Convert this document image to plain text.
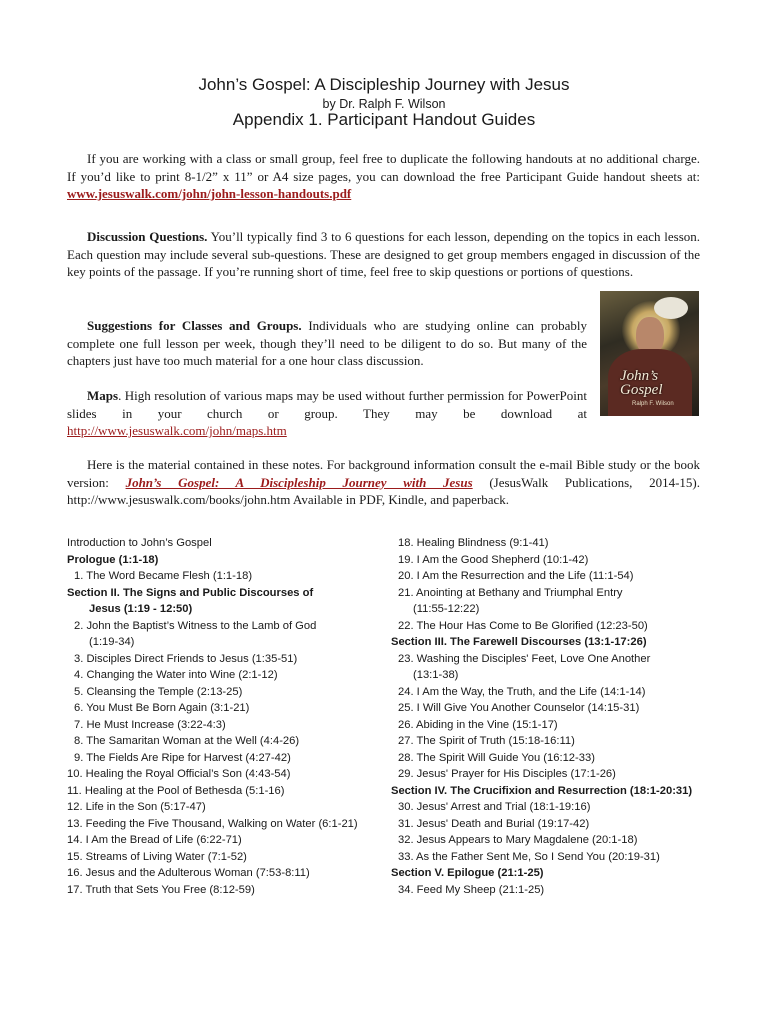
John’s Gospel: A Discipleship Journey with Jesus
by Dr. Ralph F. Wilson
Appendix 1. Participant Handout Guides
If you are working with a class or small group, feel free to duplicate the following handouts at no additional charge. If you’d like to print 8-1/2” x 11” or A4 size pages, you can download the free Participant Guide handout sheets at: www.jesuswalk.com/john/john-lesson-handouts.pdf
Discussion Questions. You’ll typically find 3 to 6 questions for each lesson, depending on the topics in each lesson. Each question may include several sub-questions. These are designed to get group members engaged in discussion of the key points of the passage. If you’re running short of time, feel free to skip questions or portions of questions.
Suggestions for Classes and Groups. Individuals who are studying online can probably complete one full lesson per week, though they’ll need to be diligent to do so. But many of the chapters just have too much material for a one hour class discussion.
Maps. High resolution of various maps may be used without further permission for PowerPoint slides in your church or group. They may be download at http://www.jesuswalk.com/john/maps.htm
John’s Gospel
Ralph F. Wilson
Here is the material contained in these notes. For background information consult the e-mail Bible study or the book version: John’s Gospel: A Discipleship Journey with Jesus (JesusWalk Publications, 2014-15). http://www.jesuswalk.com/books/john.htm Available in PDF, Kindle, and paperback.
Introduction to John’s Gospel
Prologue (1:1-18)
1. The Word Became Flesh (1:1-18)
Section II. The Signs and Public Discourses of
Jesus (1:19 - 12:50)
2. John the Baptist’s Witness to the Lamb of God
(1:19-34)
3. Disciples Direct Friends to Jesus (1:35-51)
4. Changing the Water into Wine (2:1-12)
5. Cleansing the Temple (2:13-25)
6. You Must Be Born Again (3:1-21)
7. He Must Increase (3:22-4:3)
8. The Samaritan Woman at the Well (4:4-26)
9. The Fields Are Ripe for Harvest (4:27-42)
10. Healing the Royal Official’s Son (4:43-54)
11. Healing at the Pool of Bethesda (5:1-16)
12. Life in the Son (5:17-47)
13. Feeding the Five Thousand, Walking on Water (6:1-21)
14. I Am the Bread of Life (6:22-71)
15. Streams of Living Water (7:1-52)
16. Jesus and the Adulterous Woman (7:53-8:11)
17. Truth that Sets You Free (8:12-59)
18. Healing Blindness (9:1-41)
19. I Am the Good Shepherd (10:1-42)
20. I Am the Resurrection and the Life (11:1-54)
21. Anointing at Bethany and Triumphal Entry
(11:55-12:22)
22. The Hour Has Come to Be Glorified (12:23-50)
Section III. The Farewell Discourses (13:1-17:26)
23. Washing the Disciples' Feet, Love One Another
(13:1-38)
24. I Am the Way, the Truth, and the Life (14:1-14)
25. I Will Give You Another Counselor (14:15-31)
26. Abiding in the Vine (15:1-17)
27. The Spirit of Truth (15:18-16:11)
28. The Spirit Will Guide You (16:12-33)
29. Jesus' Prayer for His Disciples (17:1-26)
Section IV. The Crucifixion and Resurrection (18:1-20:31)
30. Jesus' Arrest and Trial (18:1-19:16)
31. Jesus' Death and Burial (19:17-42)
32. Jesus Appears to Mary Magdalene (20:1-18)
33. As the Father Sent Me, So I Send You (20:19-31)
Section V. Epilogue (21:1-25)
34. Feed My Sheep (21:1-25)
